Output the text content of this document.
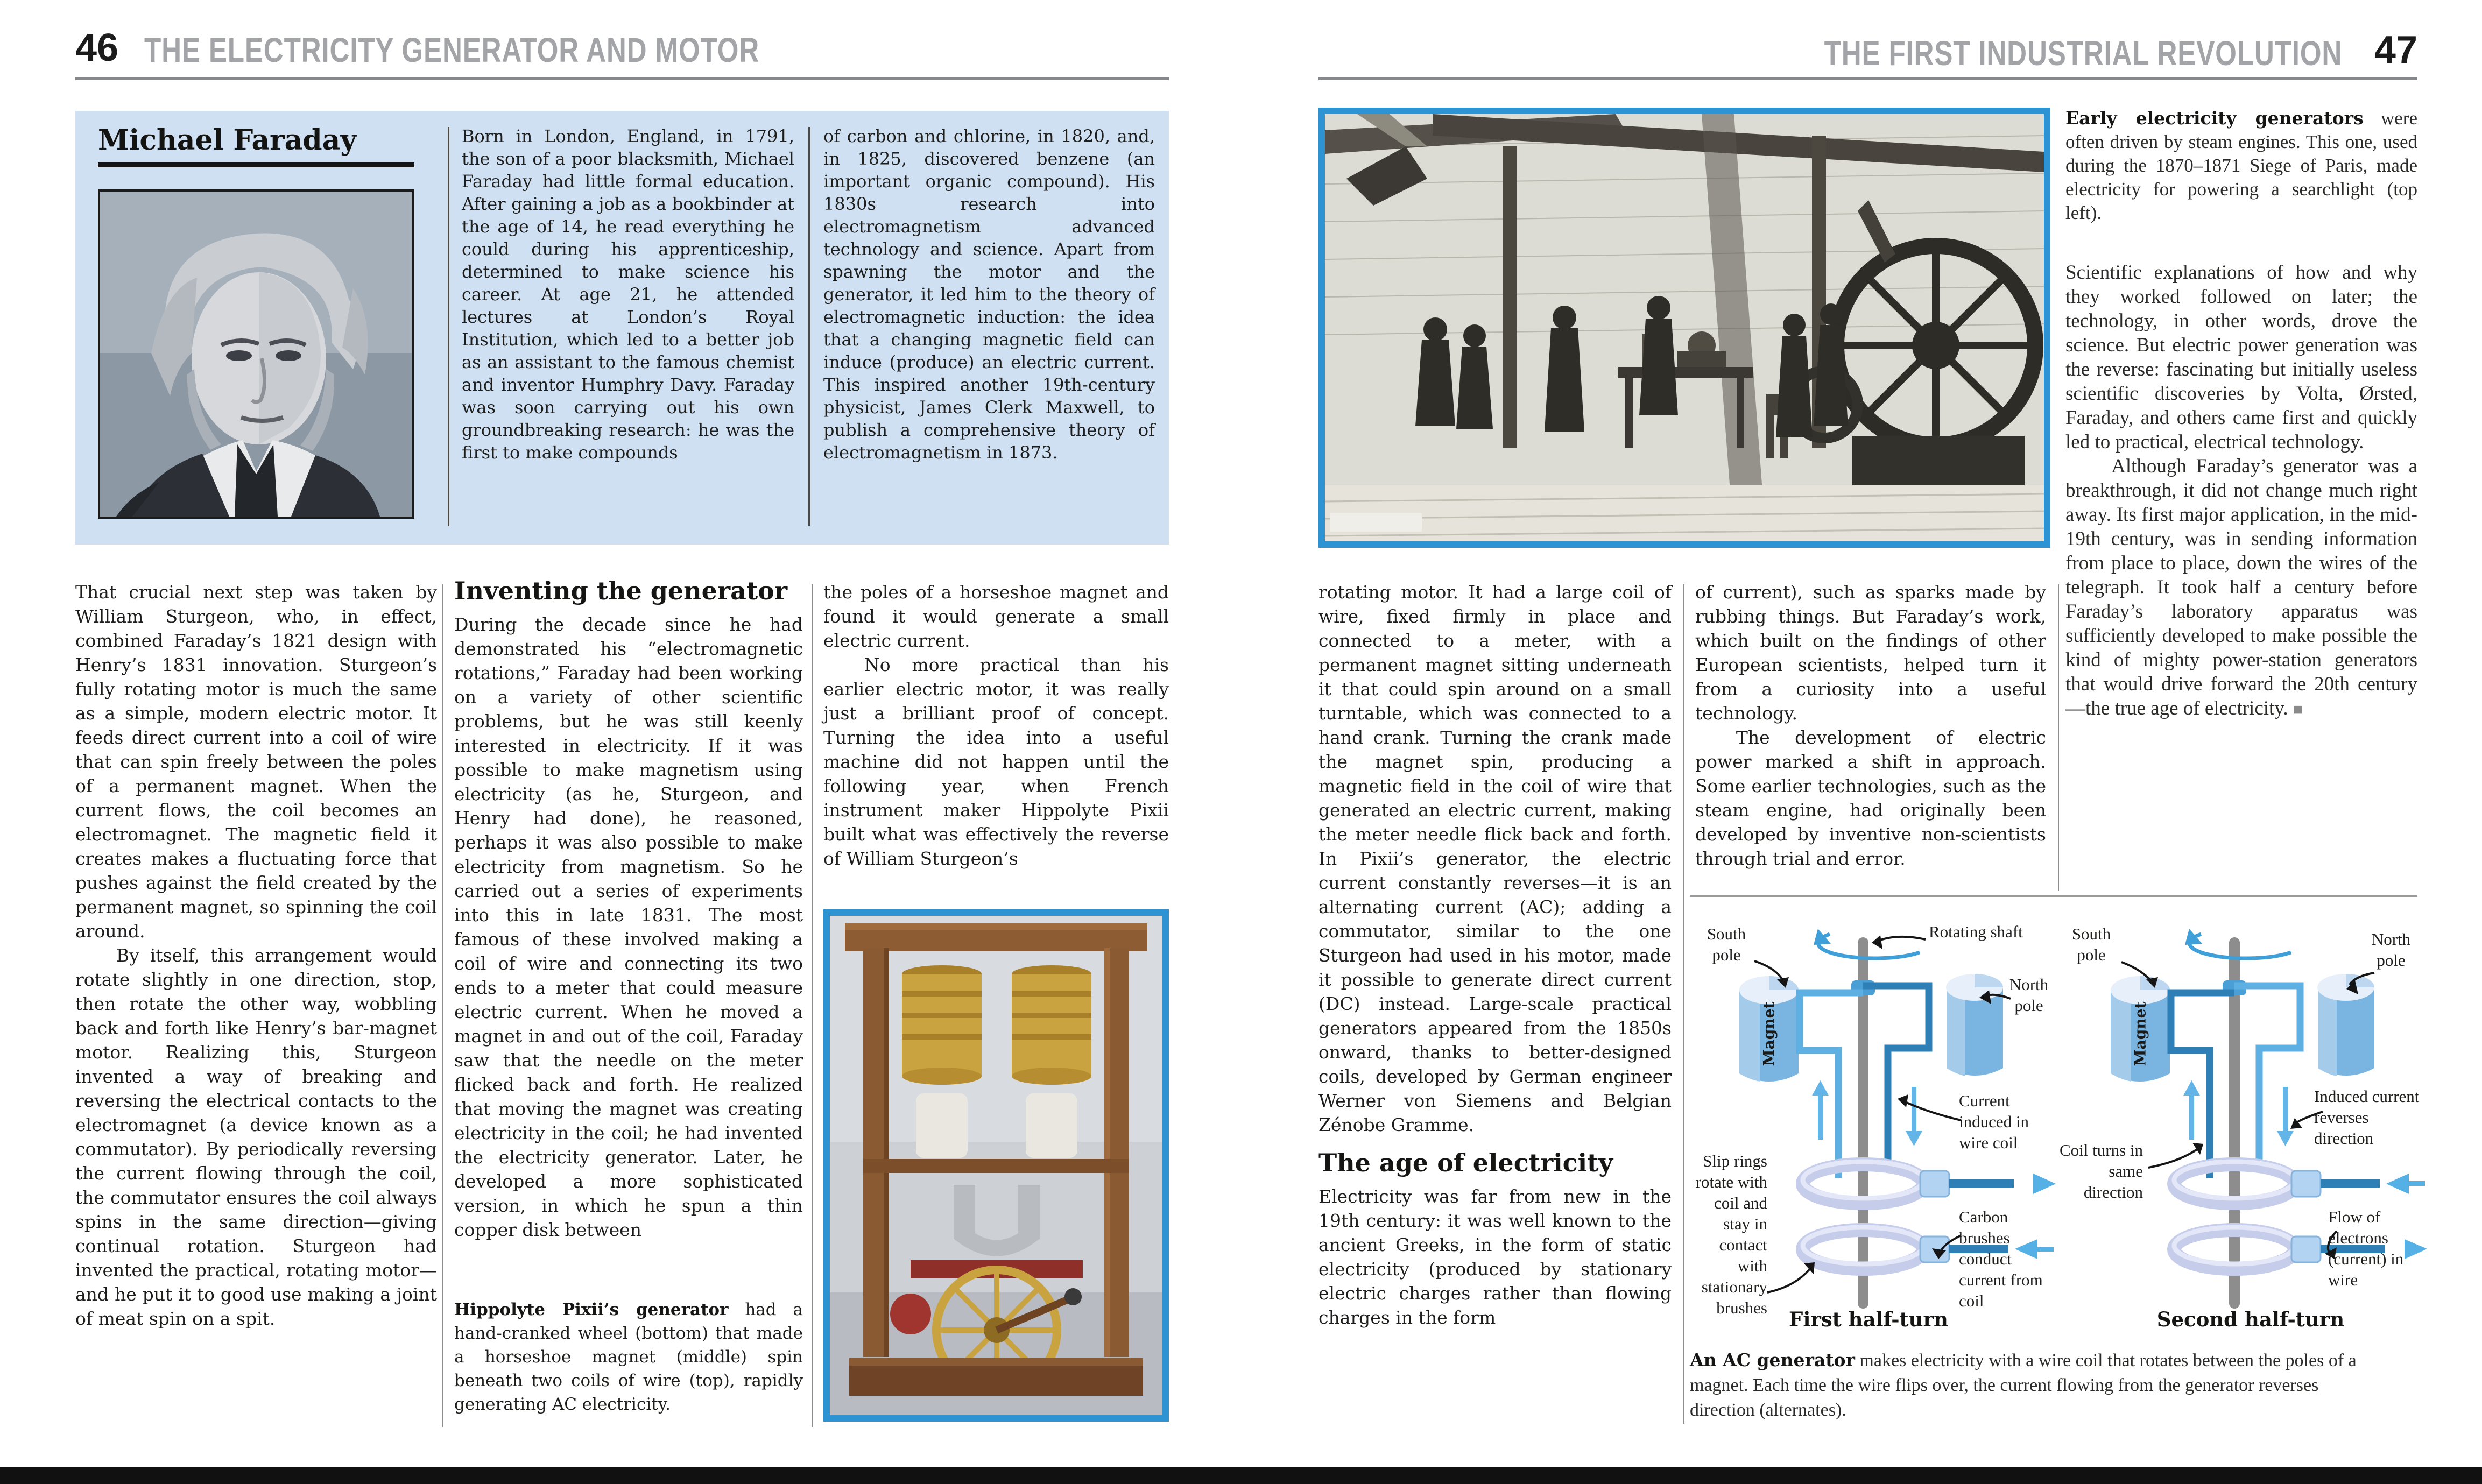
46 THE ELECTRICITY GENERATOR AND MOTOR	THE FIRST INDUSTRIAL REVOLUTION 47
Michael Faraday	Born in London, England, in 1791, the son of a poor blacksmith, Michael Faraday had little formal education. After gaining a job as a bookbinder at the age of 14, he read everything he could during his apprenticeship, determined to make science his career. At age 21, he attended lectures at London’s Royal Institution, which led to a better job as an assistant to the famous chemist and inventor Humphry Davy. Faraday was soon carrying out his own groundbreaking research: he was the first to make compounds

of carbon and chlorine, in 1820, and, in 1825, discovered benzene (an important organic compound). His 1830s research into electromagnetism advanced technology and science. Apart from spawning the motor and the generator, it led him to the theory of electromagnetic induction: the idea that a changing magnetic field can induce (produce) an electric current. This inspired another 19th-century physicist, James Clerk Maxwell, to publish a comprehensive theory of electromagnetism in 1873.

That crucial next step was taken by William Sturgeon, who, in effect, combined Faraday’s 1821 design with Henry’s 1831 innovation. Sturgeon’s fully rotating motor is much the same as a simple, modern electric motor. It feeds direct current into a coil of wire that can spin freely between the poles of a permanent magnet. When the current flows, the coil becomes an electromagnet. The magnetic field it creates makes a fluctuating force that pushes against the field created by the permanent magnet, so spinning the coil around.

By itself, this arrangement would rotate slightly in one direction, stop, then rotate the other way, wobbling back and forth like Henry’s bar-magnet motor. Realizing this, Sturgeon invented a way of breaking and reversing the electrical contacts to the electromagnet (a device known as a commutator). By periodically reversing the current flowing through the coil, the commutator ensures the coil always spins in the same direction—giving continual rotation. Sturgeon had invented the practical, rotating motor—and he put it to good use making a joint of meat spin on a spit.

Inventing the generator

During the decade since he had demonstrated his “electromagnetic rotations,” Faraday had been working on a variety of other scientific problems, but he was still keenly interested in electricity. If it was possible to make magnetism using electricity (as he, Sturgeon, and Henry had done), he reasoned, perhaps it was also possible to make electricity from magnetism. So he carried out a series of experiments into this in late 1831. The most famous of these involved making a coil of wire and connecting its two ends to a meter that could measure electric current. When he moved a magnet in and out of the coil, Faraday saw that the needle on the meter flicked back and forth. He realized that moving the magnet was creating electricity in the coil; he had invented the electricity generator. Later, he developed a more sophisticated version, in which he spun a thin copper disk between

Hippolyte Pixii’s generator had a hand-cranked wheel (bottom) that made a horseshoe magnet (middle) spin beneath two coils of wire (top), rapidly generating AC electricity.

the poles of a horseshoe magnet and found it would generate a small electric current.

No more practical than his earlier electric motor, it was really just a brilliant proof of concept. Turning the idea into a useful machine did not happen until the following year, when French instrument maker Hippolyte Pixii built what was effectively the reverse of William Sturgeon’s

Early electricity generators were often driven by steam engines. This one, used during the 1870–1871 Siege of Paris, made electricity for powering a searchlight (top left).

Scientific explanations of how and why they worked followed on later; the technology, in other words, drove the science. But electric power generation was the reverse: fascinating but initially useless scientific discoveries by Volta, Ørsted, Faraday, and others came first and quickly led to practical, electrical technology.

Although Faraday’s generator was a breakthrough, it did not change much right away. Its first major application, in the mid-19th century, was in sending information from place to place, down the wires of the telegraph. It took half a century before Faraday’s laboratory apparatus was sufficiently developed to make possible the kind of mighty power-station generators that would drive forward the 20th century—the true age of electricity. ■

rotating motor. It had a large coil of wire, fixed firmly in place and connected to a meter, with a permanent magnet sitting underneath it that could spin around on a small turntable, which was connected to a hand crank. Turning the crank made the magnet spin, producing a magnetic field in the coil of wire that generated an electric current, making the meter needle flick back and forth. In Pixii’s generator, the electric current constantly reverses—it is an alternating current (AC); adding a commutator, similar to the one Sturgeon had used in his motor, made it possible to generate direct current (DC) instead. Large-scale practical generators appeared from the 1850s onward, thanks to better-designed coils, developed by German engineer Werner von Siemens and Belgian Zénobe Gramme.

The age of electricity

Electricity was far from new in the 19th century: it was well known to the ancient Greeks, in the form of static electricity (produced by stationary electric charges rather than flowing charges in the form

of current), such as sparks made by rubbing things. But Faraday’s work, which built on the findings of other European scientists, helped turn it from a curiosity into a useful technology.

The development of electric power marked a shift in approach. Some earlier technologies, such as the steam engine, had originally been developed by inventive non-scientists through trial and error.

South pole
Rotating shaft
North pole
Magnet
Slip rings rotate with coil and stay in contact with stationary brushes
Current induced in wire coil
Carbon brushes conduct current from coil
First half-turn
South pole
North pole
Magnet
Coil turns in same direction
Induced current reverses direction
Flow of electrons (current) in wire
Second half-turn

An AC generator makes electricity with a wire coil that rotates between the poles of a magnet. Each time the wire flips over, the current flowing from the generator reverses direction (alternates).
